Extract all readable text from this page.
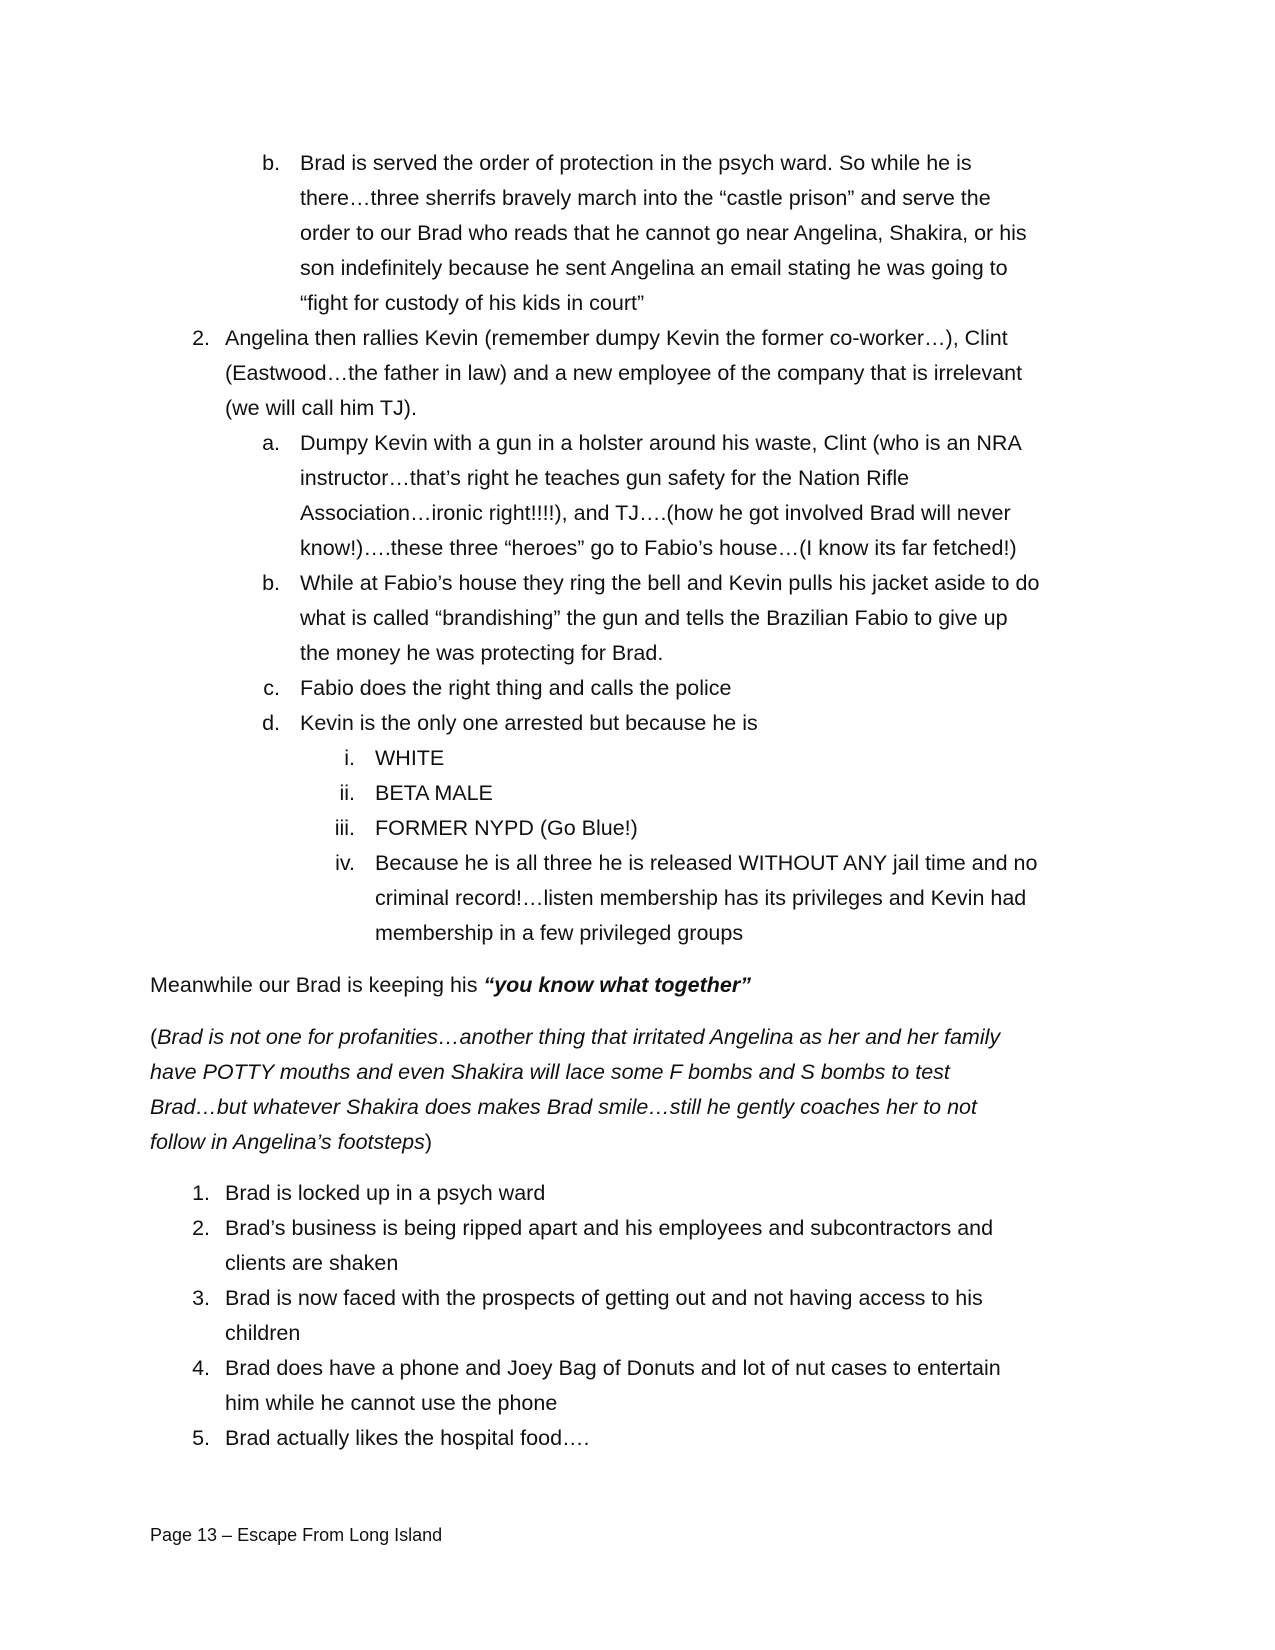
b. Brad is served the order of protection in the psych ward. So while he is
there…three sherrifs bravely march into the “castle prison” and serve the
order to our Brad who reads that he cannot go near Angelina, Shakira, or his
son indefinitely because he sent Angelina an email stating he was going to
“fight for custody of his kids in court”
2. Angelina then rallies Kevin (remember dumpy Kevin the former co-worker…), Clint
(Eastwood…the father in law) and a new employee of the company that is irrelevant
(we will call him TJ).
a. Dumpy Kevin with a gun in a holster around his waste, Clint (who is an NRA
instructor…that’s right he teaches gun safety for the Nation Rifle
Association…ironic right!!!!), and TJ….(how he got involved Brad will never
know!)….these three “heroes” go to Fabio’s house…(I know its far fetched!)
b. While at Fabio’s house they ring the bell and Kevin pulls his jacket aside to do
what is called “brandishing” the gun and tells the Brazilian Fabio to give up
the money he was protecting for Brad.
c. Fabio does the right thing and calls the police
d. Kevin is the only one arrested but because he is
i. WHITE
ii. BETA MALE
iii. FORMER NYPD (Go Blue!)
iv. Because he is all three he is released WITHOUT ANY jail time and no
criminal record!…listen membership has its privileges and Kevin had
membership in a few privileged groups
Meanwhile our Brad is keeping his “you know what together”
(Brad is not one for profanities…another thing that irritated Angelina as her and her family
have POTTY mouths and even Shakira will lace some F bombs and S bombs to test
Brad…but whatever Shakira does makes Brad smile…still he gently coaches her to not
follow in Angelina’s footsteps)
1. Brad is locked up in a psych ward
2. Brad’s business is being ripped apart and his employees and subcontractors and
clients are shaken
3. Brad is now faced with the prospects of getting out and not having access to his
children
4. Brad does have a phone and Joey Bag of Donuts and lot of nut cases to entertain
him while he cannot use the phone
5. Brad actually likes the hospital food….
Page 13 – Escape From Long Island
